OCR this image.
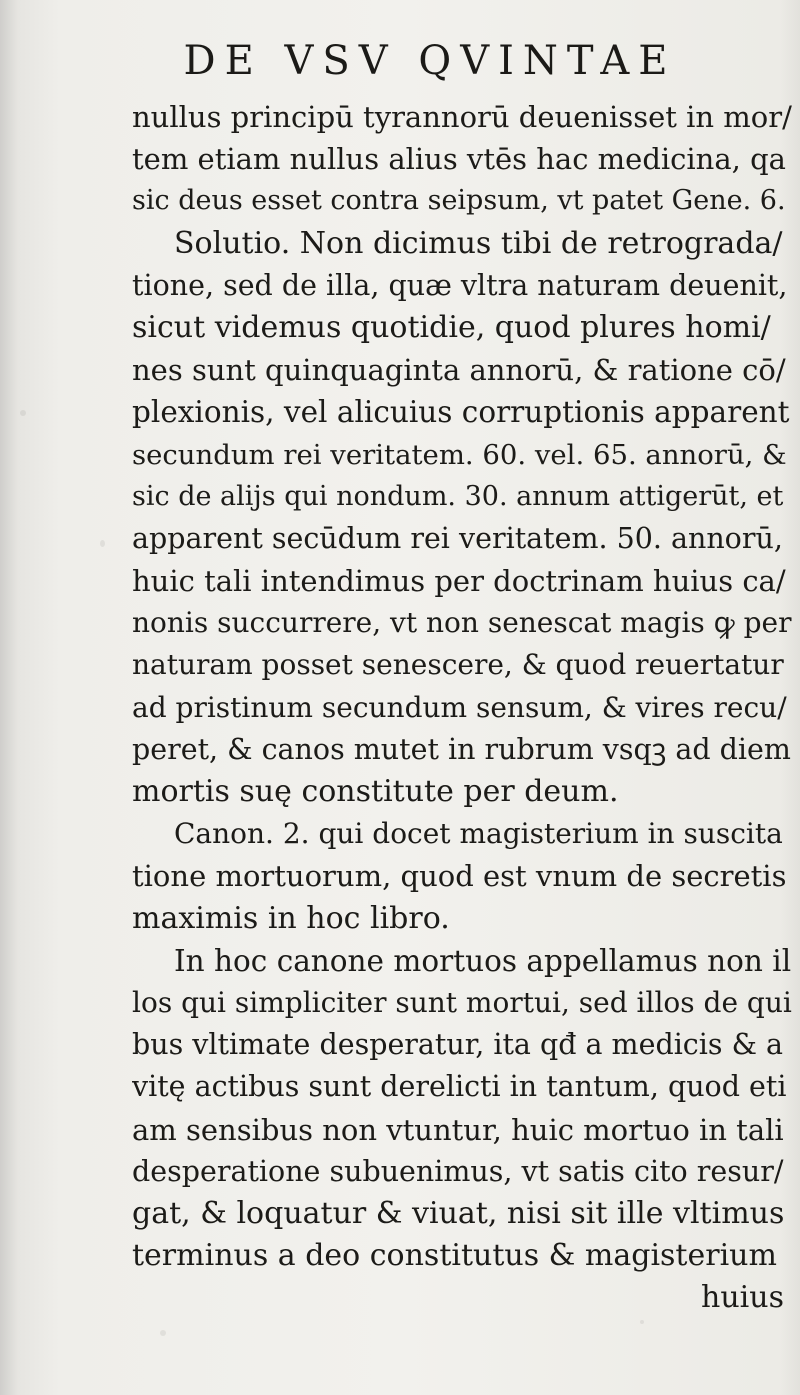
DE VSV QVINTAE
nullus principū tyrannorū deuenisset in mor/
tem etiam nullus alius vtēs hac medicina, qa
sic deus esset contra seipsum, vt patet Gene. 6.
Solutio. Non dicimus tibi de retrograda/
tione, sed de illa, quæ vltra naturam deuenit,
sicut videmus quotidie, quod plures homi/
nes sunt quinquaginta annorū, & ratione cō/
plexionis, vel alicuius corruptionis apparent
secundum rei veritatem. 60. vel. 65. annorū, &
sic de alijs qui nondum. 30. annum attigerūt, et
apparent secūdum rei veritatem. 50. annorū,
huic tali intendimus per doctrinam huius ca/
nonis succurrere, vt non senescat magis ꝙ per
naturam posset senescere, & quod reuertatur
ad pristinum secundum sensum, & vires recu/
peret, & canos mutet in rubrum vsqꝫ ad diem
mortis suę constitute per deum.
Canon. 2. qui docet magisterium in suscita
tione mortuorum, quod est vnum de secretis
maximis in hoc libro.
In hoc canone mortuos appellamus non il
los qui simpliciter sunt mortui, sed illos de qui
bus vltimate desperatur, ita qđ a medicis & a
vitę actibus sunt derelicti in tantum, quod eti
am sensibus non vtuntur, huic mortuo in tali
desperatione subuenimus, vt satis cito resur/
gat, & loquatur & viuat, nisi sit ille vltimus
terminus a deo constitutus & magisterium
huius
